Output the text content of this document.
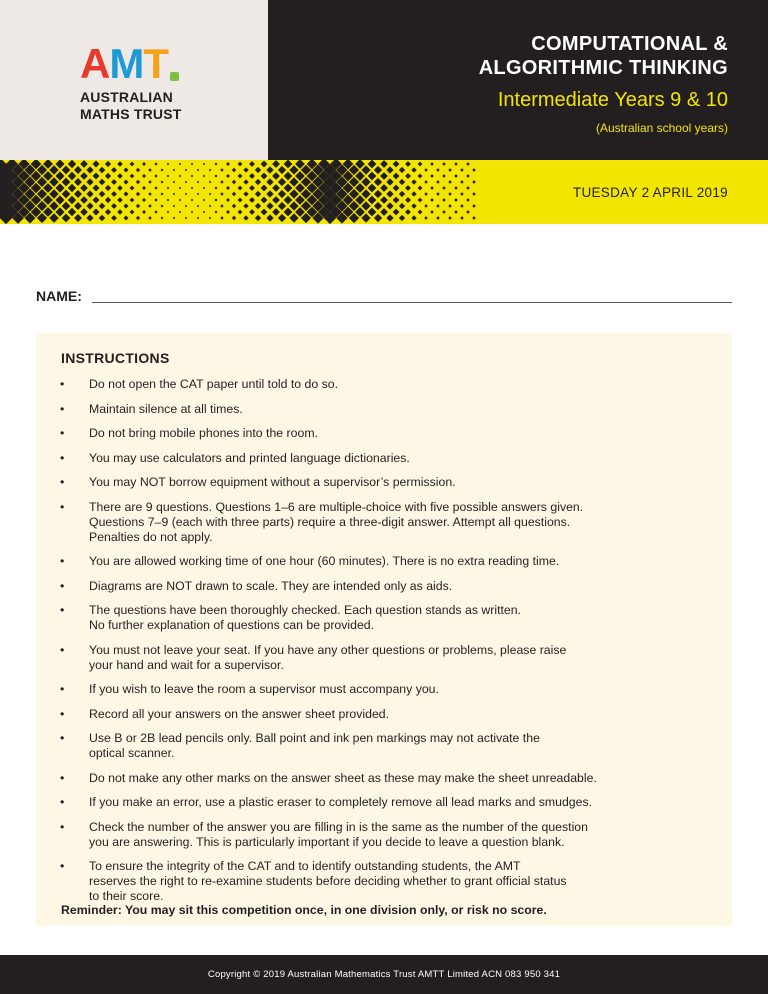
A M T
AUSTRALIAN
MATHS TRUST
COMPUTATIONAL &
ALGORITHMIC THINKING
Intermediate Years 9 & 10
(Australian school years)
TUESDAY 2 APRIL 2019
NAME:
INSTRUCTIONS
• Do not open the CAT paper until told to do so.
• Maintain silence at all times.
• Do not bring mobile phones into the room.
• You may use calculators and printed language dictionaries.
• You may NOT borrow equipment without a supervisor’s permission.
• There are 9 questions. Questions 1–6 are multiple-choice with five possible answers given.
Questions 7–9 (each with three parts) require a three-digit answer. Attempt all questions.
Penalties do not apply.
• You are allowed working time of one hour (60 minutes). There is no extra reading time.
• Diagrams are NOT drawn to scale. They are intended only as aids.
• The questions have been thoroughly checked. Each question stands as written.
No further explanation of questions can be provided.
• You must not leave your seat. If you have any other questions or problems, please raise
your hand and wait for a supervisor.
• If you wish to leave the room a supervisor must accompany you.
• Record all your answers on the answer sheet provided.
• Use B or 2B lead pencils only. Ball point and ink pen markings may not activate the
optical scanner.
• Do not make any other marks on the answer sheet as these may make the sheet unreadable.
• If you make an error, use a plastic eraser to completely remove all lead marks and smudges.
• Check the number of the answer you are filling in is the same as the number of the question
you are answering. This is particularly important if you decide to leave a question blank.
• To ensure the integrity of the CAT and to identify outstanding students, the AMT
reserves the right to re-examine students before deciding whether to grant official status
to their score.
Reminder: You may sit this competition once, in one division only, or risk no score.
Copyright © 2019 Australian Mathematics Trust AMTT Limited ACN 083 950 341
